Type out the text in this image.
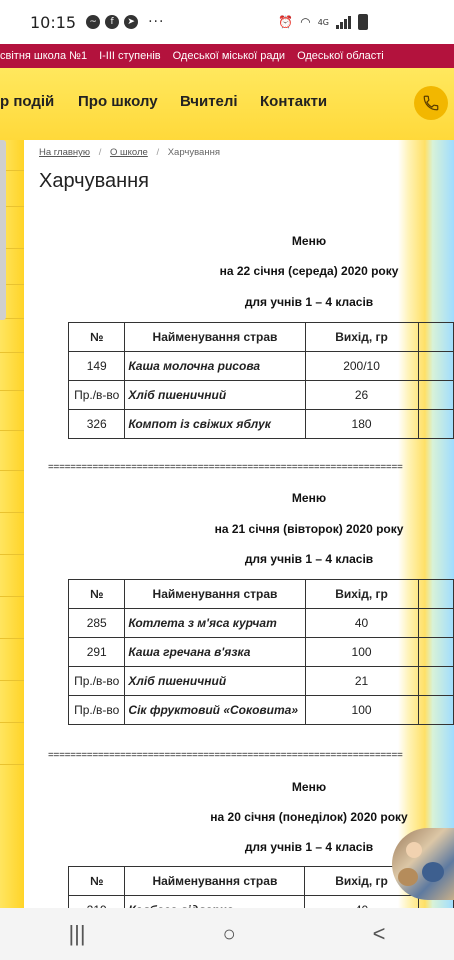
10:15	~	f	➤ ···	⏰ ◠ 4G
світня школа №1 І-ІІІ ступенів Одеської міської ради Одеської області
р подій Про школу Вчителі Контакти
На главную / О школе / Харчування
Харчування
Меню
на 22 січня (середа) 2020 року
для учнів 1 – 4 класів
№	Найменування страв	Вихід, гр	
149	Каша молочна рисова	200/10	
Пр./в-во	Хліб пшеничний	26	
326	Компот із свіжих яблук	180	
================================================================
Меню
на 21 січня (вівторок) 2020 року
для учнів 1 – 4 класів
№	Найменування страв	Вихід, гр	
285	Котлета з м'яса курчат	40	
291	Каша гречана в'язка	100	
Пр./в-во	Хліб пшеничний	21	
Пр./в-во	Сік фруктовий «Соковита»	100	
================================================================
Меню
на 20 січня (понеділок) 2020 року
для учнів 1 – 4 класів
№	Найменування страв	Вихід, гр	

|||	○	<
